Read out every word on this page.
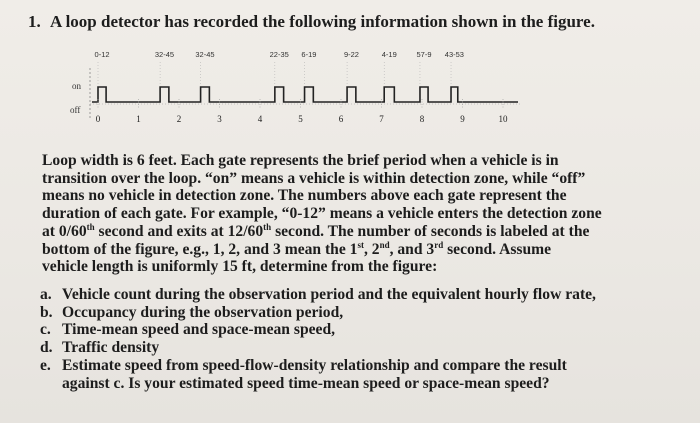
1. A loop detector has recorded the following information shown in the figure.
on
off
0-12	32-45	32-45	22-35 6-19	9-22	4-19	57-9 43-53
0	1	2	3	4	5	6	7	8	9	10

Loop width is 6 feet. Each gate represents the brief period when a vehicle is in

transition over the loop. “on” means a vehicle is within detection zone, while “off”

means no vehicle in detection zone. The numbers above each gate represent the

duration of each gate. For example, “0-12” means a vehicle enters the detection zone

at 0/60th second and exits at 12/60th second. The number of seconds is labeled at the

bottom of the figure, e.g., 1, 2, and 3 mean the 1st, 2nd, and 3rd second. Assume

vehicle length is uniformly 15 ft, determine from the figure:

a. Vehicle count during the observation period and the equivalent hourly flow rate,
b. Occupancy during the observation period,
c. Time-mean speed and space-mean speed,
d. Traffic density
e. Estimate speed from speed-flow-density relationship and compare the result
against c. Is your estimated speed time-mean speed or space-mean speed?
